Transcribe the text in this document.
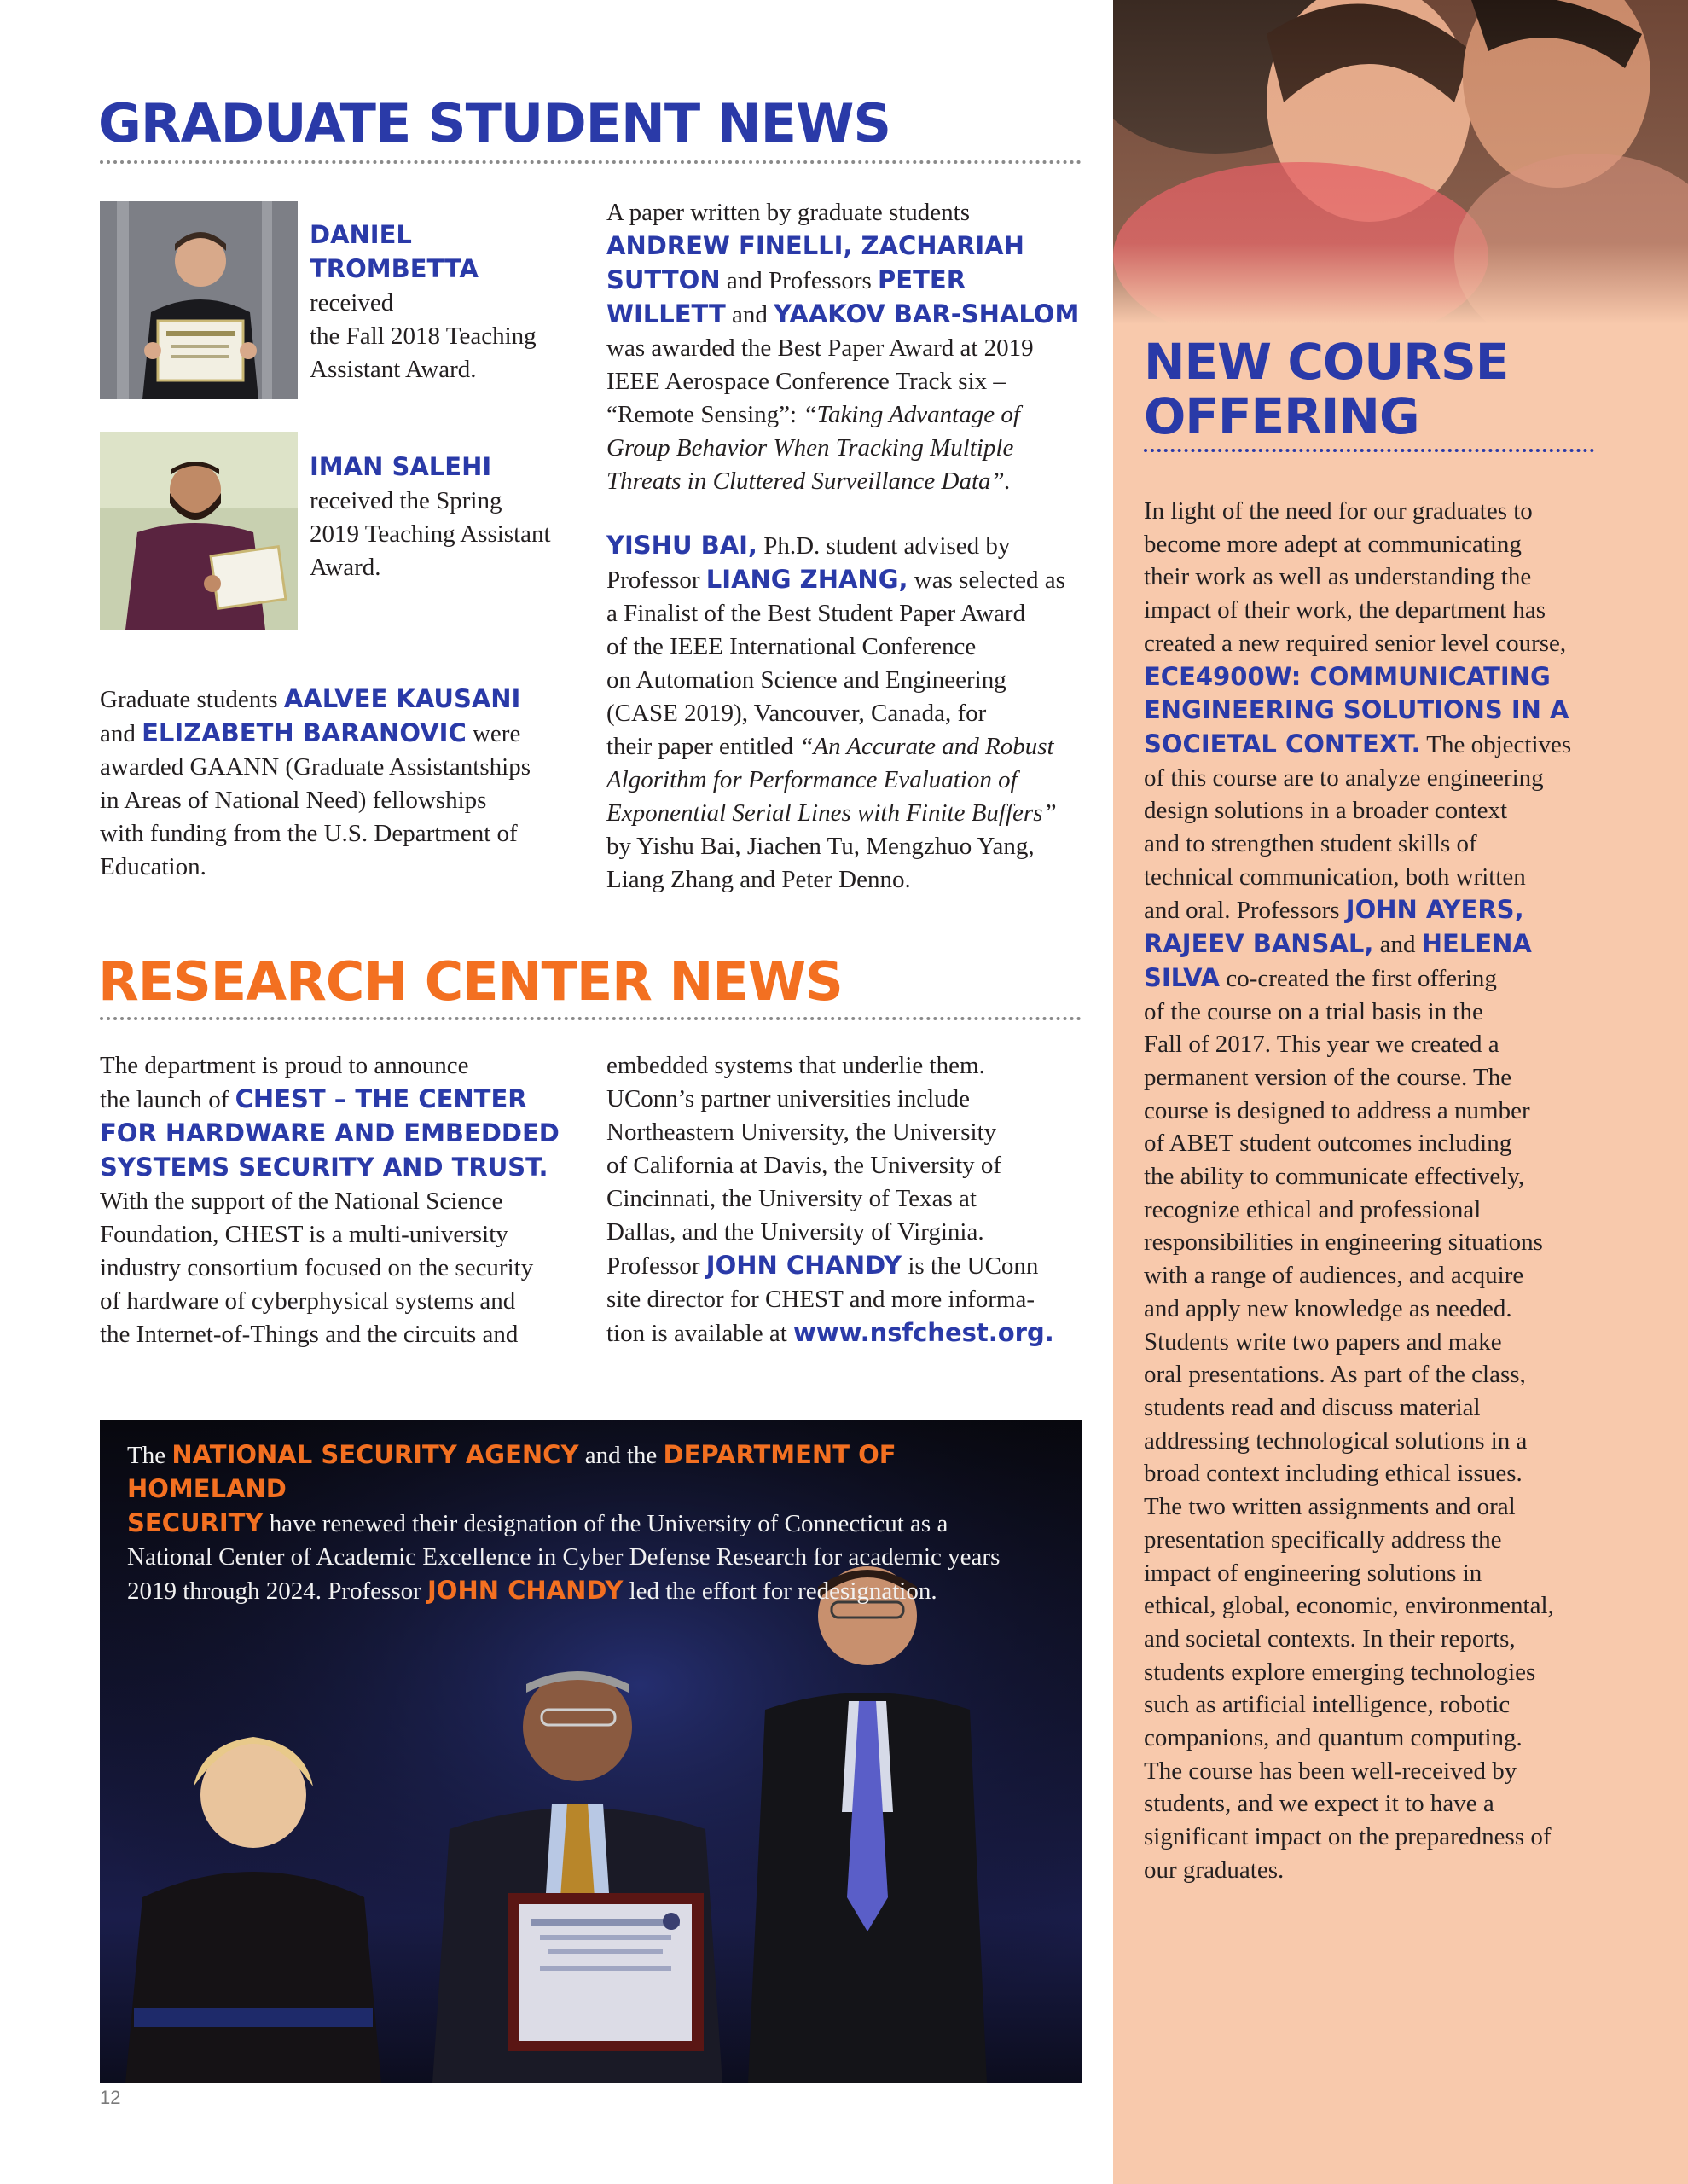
GRADUATE STUDENT NEWS

DANIEL
TROMBETTA received
the Fall 2018 Teaching
Assistant Award.

IMAN SALEHI
received the Spring
2019 Teaching Assistant
Award.

Graduate students AALVEE KAUSANI
and ELIZABETH BARANOVIC were
awarded GAANN (Graduate Assistantships
in Areas of National Need) fellowships
with funding from the U.S. Department of
Education.

A paper written by graduate students
ANDREW FINELLI, ZACHARIAH
SUTTON and Professors PETER
WILLETT and YAAKOV BAR-SHALOM
was awarded the Best Paper Award at 2019
IEEE Aerospace Conference Track six –
“Remote Sensing”: “Taking Advantage of
Group Behavior When Tracking Multiple
Threats in Cluttered Surveillance Data”.

YISHU BAI, Ph.D. student advised by
Professor LIANG ZHANG, was selected as
a Finalist of the Best Student Paper Award
of the IEEE International Conference
on Automation Science and Engineering
(CASE 2019), Vancouver, Canada, for
their paper entitled “An Accurate and Robust
Algorithm for Performance Evaluation of
Exponential Serial Lines with Finite Buffers”
by Yishu Bai, Jiachen Tu, Mengzhuo Yang,
Liang Zhang and Peter Denno.

RESEARCH CENTER NEWS

The department is proud to announce
the launch of CHEST – THE CENTER
FOR HARDWARE AND EMBEDDED
SYSTEMS SECURITY AND TRUST.
With the support of the National Science
Foundation, CHEST is a multi-university
industry consortium focused on the security
of hardware of cyberphysical systems and
the Internet-of-Things and the circuits and

embedded systems that underlie them.
UConn’s partner universities include
Northeastern University, the University
of California at Davis, the University of
Cincinnati, the University of Texas at
Dallas, and the University of Virginia.
Professor JOHN CHANDY is the UConn
site director for CHEST and more informa-
tion is available at www.nsfchest.org.

The NATIONAL SECURITY AGENCY and the DEPARTMENT OF HOMELAND
SECURITY have renewed their designation of the University of Connecticut as a
National Center of Academic Excellence in Cyber Defense Research for academic years
2019 through 2024. Professor JOHN CHANDY led the effort for redesignation.

12
NEW COURSE
OFFERING

In light of the need for our graduates to
become more adept at communicating
their work as well as understanding the
impact of their work, the department has
created a new required senior level course,
ECE4900W: COMMUNICATING
ENGINEERING SOLUTIONS IN A
SOCIETAL CONTEXT. The objectives
of this course are to analyze engineering
design solutions in a broader context
and to strengthen student skills of
technical communication, both written
and oral. Professors JOHN AYERS,
RAJEEV BANSAL, and HELENA
SILVA co-created the first offering
of the course on a trial basis in the
Fall of 2017. This year we created a
permanent version of the course. The
course is designed to address a number
of ABET student outcomes including
the ability to communicate effectively,
recognize ethical and professional
responsibilities in engineering situations
with a range of audiences, and acquire
and apply new knowledge as needed.
Students write two papers and make
oral presentations. As part of the class,
students read and discuss material
addressing technological solutions in a
broad context including ethical issues.
The two written assignments and oral
presentation specifically address the
impact of engineering solutions in
ethical, global, economic, environmental,
and societal contexts. In their reports,
students explore emerging technologies
such as artificial intelligence, robotic
companions, and quantum computing.
The course has been well-received by
students, and we expect it to have a
significant impact on the preparedness of
our graduates.
